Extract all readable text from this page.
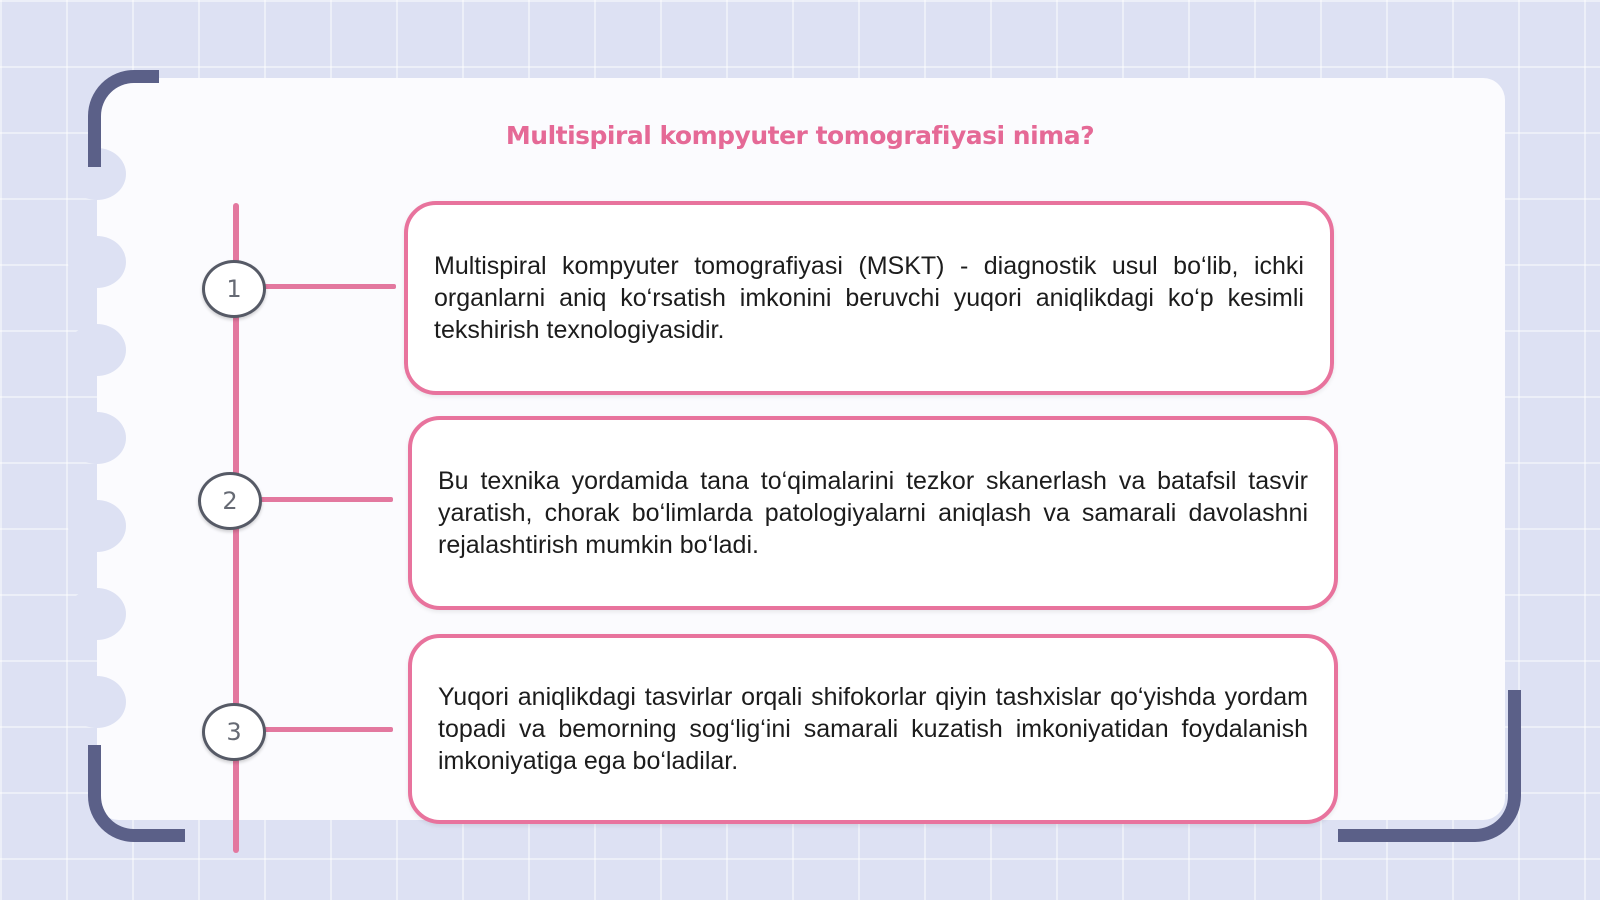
Multispiral kompyuter tomografiyasi nima?
1
2
3

Multispiral kompyuter tomografiyasi (MSKT) - diagnostik usul bo‘lib, ichki organlarni aniq ko‘rsatish imkonini beruvchi yuqori aniqlikdagi ko‘p kesimli tekshirish texnologiyasidir.

Bu texnika yordamida tana to‘qimalarini tezkor skanerlash va batafsil tasvir yaratish, chorak bo‘limlarda patologiyalarni aniqlash va samarali davolashni rejalashtirish mumkin bo‘ladi.

Yuqori aniqlikdagi tasvirlar orqali shifokorlar qiyin tashxislar qo‘yishda yordam topadi va bemorning sog‘lig‘ini samarali kuzatish imkoniyatidan foydalanish imkoniyatiga ega bo‘ladilar.
